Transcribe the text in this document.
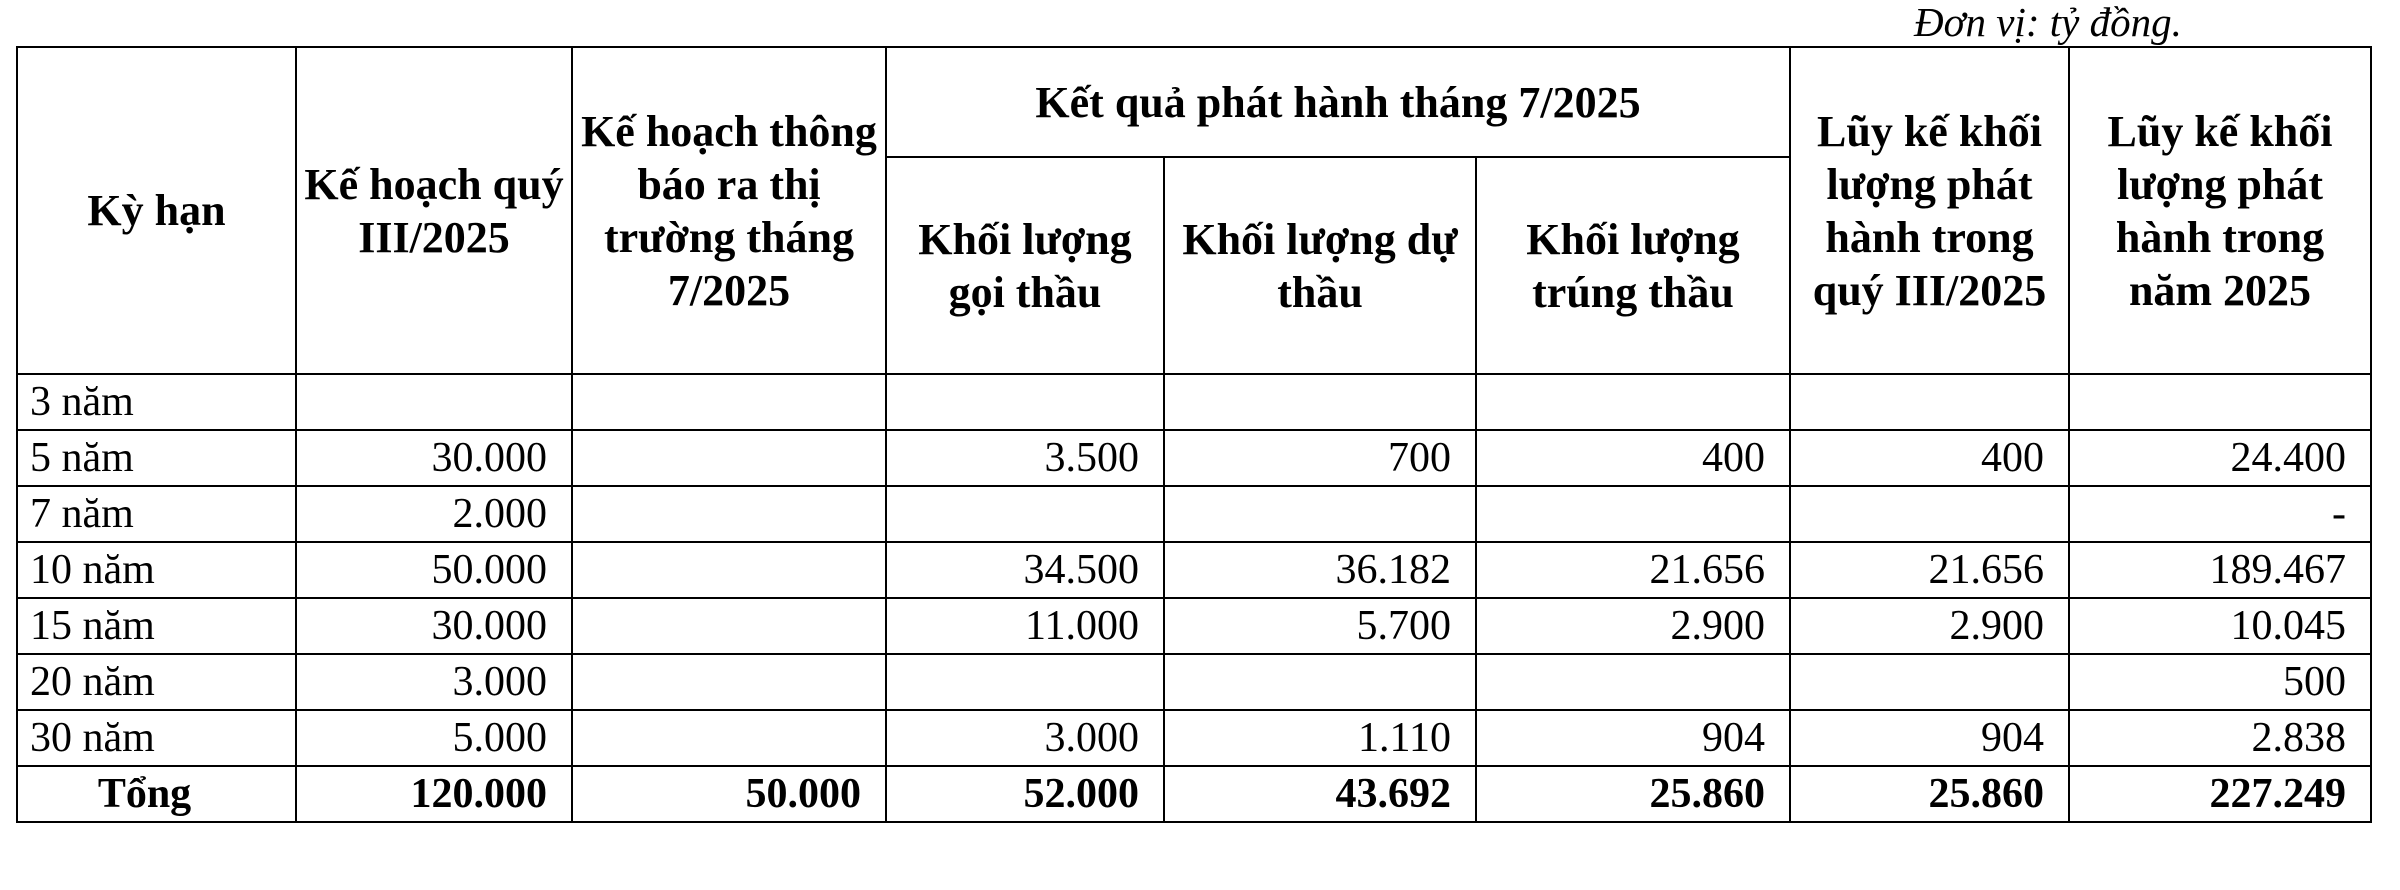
Đơn vị: tỷ đồng.
Kỳ hạn	Kế hoạch quý III/2025	Kế hoạch thông báo ra thị trường tháng 7/2025	Kết quả phát hành tháng 7/2025			Lũy kế khối lượng phát hành trong quý III/2025	Lũy kế khối lượng phát hành trong năm 2025
			Khối lượng gọi thầu	Khối lượng dự thầu	Khối lượng trúng thầu		
3 năm							
5 năm	30.000		3.500	700	400	400	24.400
7 năm	2.000						-
10 năm	50.000		34.500	36.182	21.656	21.656	189.467
15 năm	30.000		11.000	5.700	2.900	2.900	10.045
20 năm	3.000						500
30 năm	5.000		3.000	1.110	904	904	2.838
Tổng	120.000	50.000	52.000	43.692	25.860	25.860	227.249
